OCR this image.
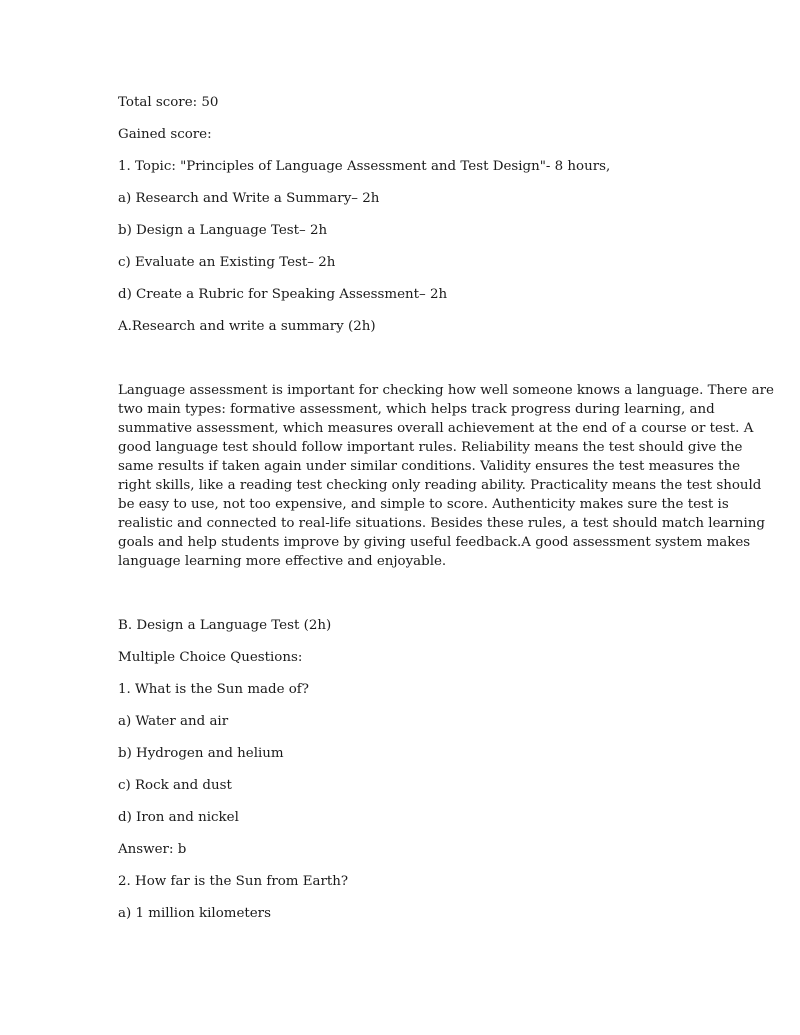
Total score: 50
Gained score:
1. Topic: "Principles of Language Assessment and Test Design"- 8 hours,
a) Research and Write a Summary– 2h
b) Design a Language Test– 2h
c) Evaluate an Existing Test– 2h
d) Create a Rubric for Speaking Assessment– 2h
A.Research and write a summary (2h)
Language assessment is important for checking how well someone knows a language. There are
two main types: formative assessment, which helps track progress during learning, and
summative assessment, which measures overall achievement at the end of a course or test. A
good language test should follow important rules. Reliability means the test should give the
same results if taken again under similar conditions. Validity ensures the test measures the
right skills, like a reading test checking only reading ability. Practicality means the test should
be easy to use, not too expensive, and simple to score. Authenticity makes sure the test is
realistic and connected to real-life situations. Besides these rules, a test should match learning
goals and help students improve by giving useful feedback.A good assessment system makes
language learning more effective and enjoyable.
B. Design a Language Test (2h)
Multiple Choice Questions:
1. What is the Sun made of?
a) Water and air
b) Hydrogen and helium
c) Rock and dust
d) Iron and nickel
Answer: b
2. How far is the Sun from Earth?
a) 1 million kilometers
